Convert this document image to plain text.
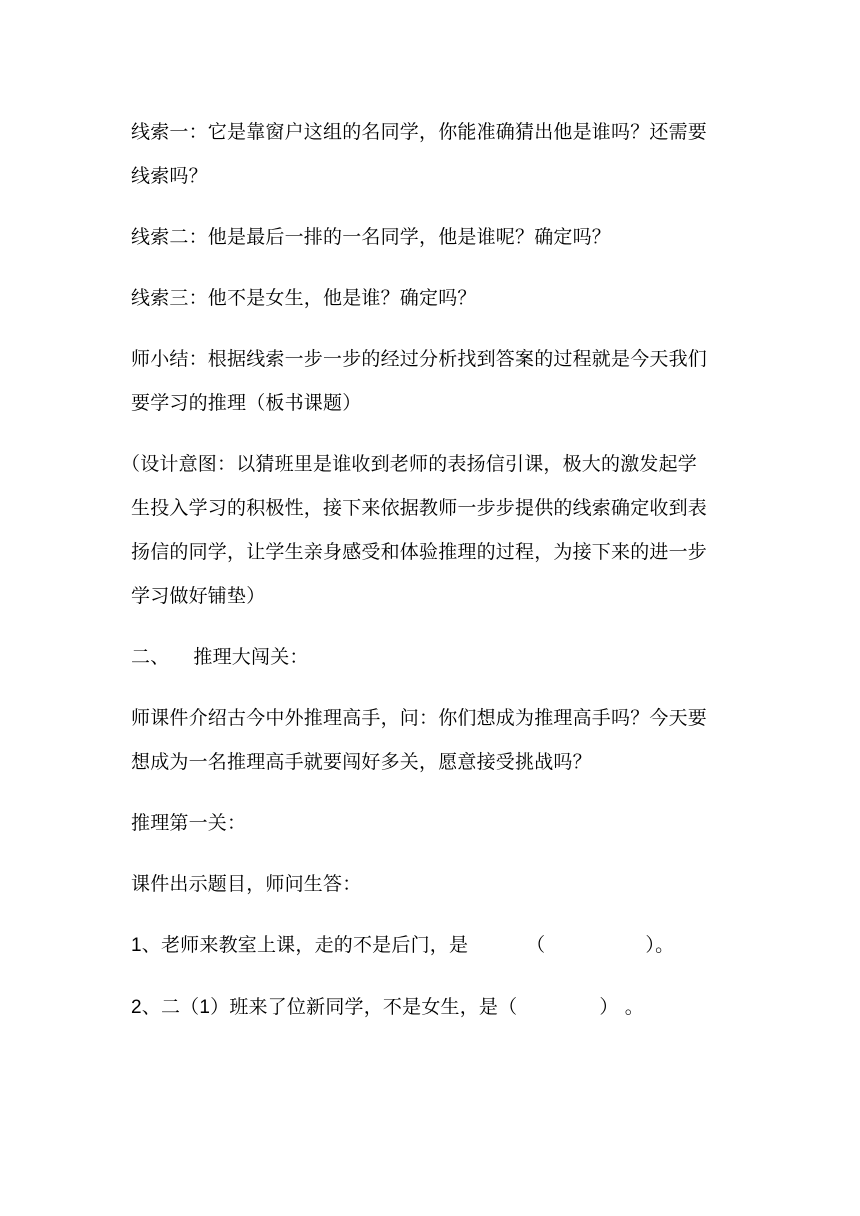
线索一：它是靠窗户这组的名同学，你能准确猜出他是谁吗？还需要
线索吗？

线索二：他是最后一排的一名同学，他是谁呢？确定吗？

线索三：他不是女生，他是谁？确定吗？

师小结：根据线索一步一步的经过分析找到答案的过程就是今天我们
要学习的推理（板书课题）

（设计意图：以猜班里是谁收到老师的表扬信引课，极大的激发起学
生投入学习的积极性，接下来依据教师一步步提供的线索确定收到表
扬信的同学，让学生亲身感受和体验推理的过程，为接下来的进一步
学习做好铺垫）

二、 推理大闯关：

师课件介绍古今中外推理高手，问：你们想成为推理高手吗？今天要
想成为一名推理高手就要闯好多关，愿意接受挑战吗？

推理第一关：

课件出示题目，师问生答：

1、老师来教室上课，走的不是后门，是	（	）。

2、二（1）班来了位新同学，不是女生，是（	） 。
